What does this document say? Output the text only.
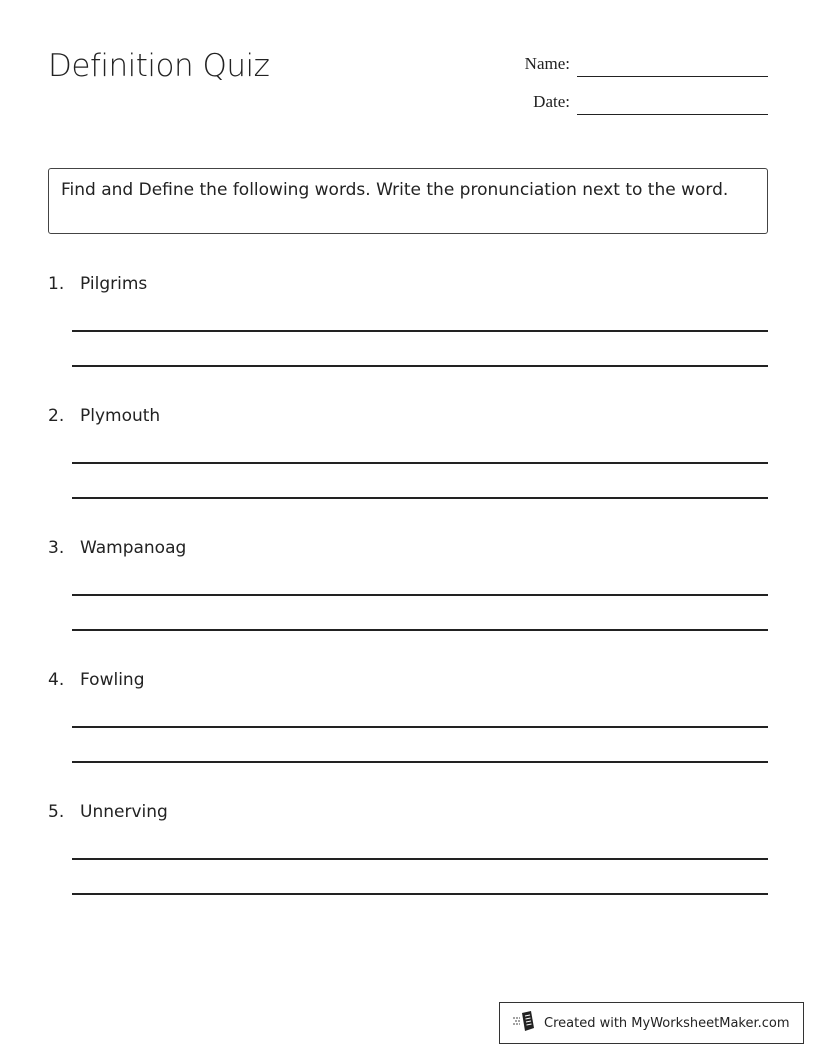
Definition Quiz	Name:
Date:
Find and Define the following words. Write the pronunciation next to the word.
1. Pilgrims
2. Plymouth
3. Wampanoag
4. Fowling
5. Unnerving
Created with MyWorksheetMaker.com
